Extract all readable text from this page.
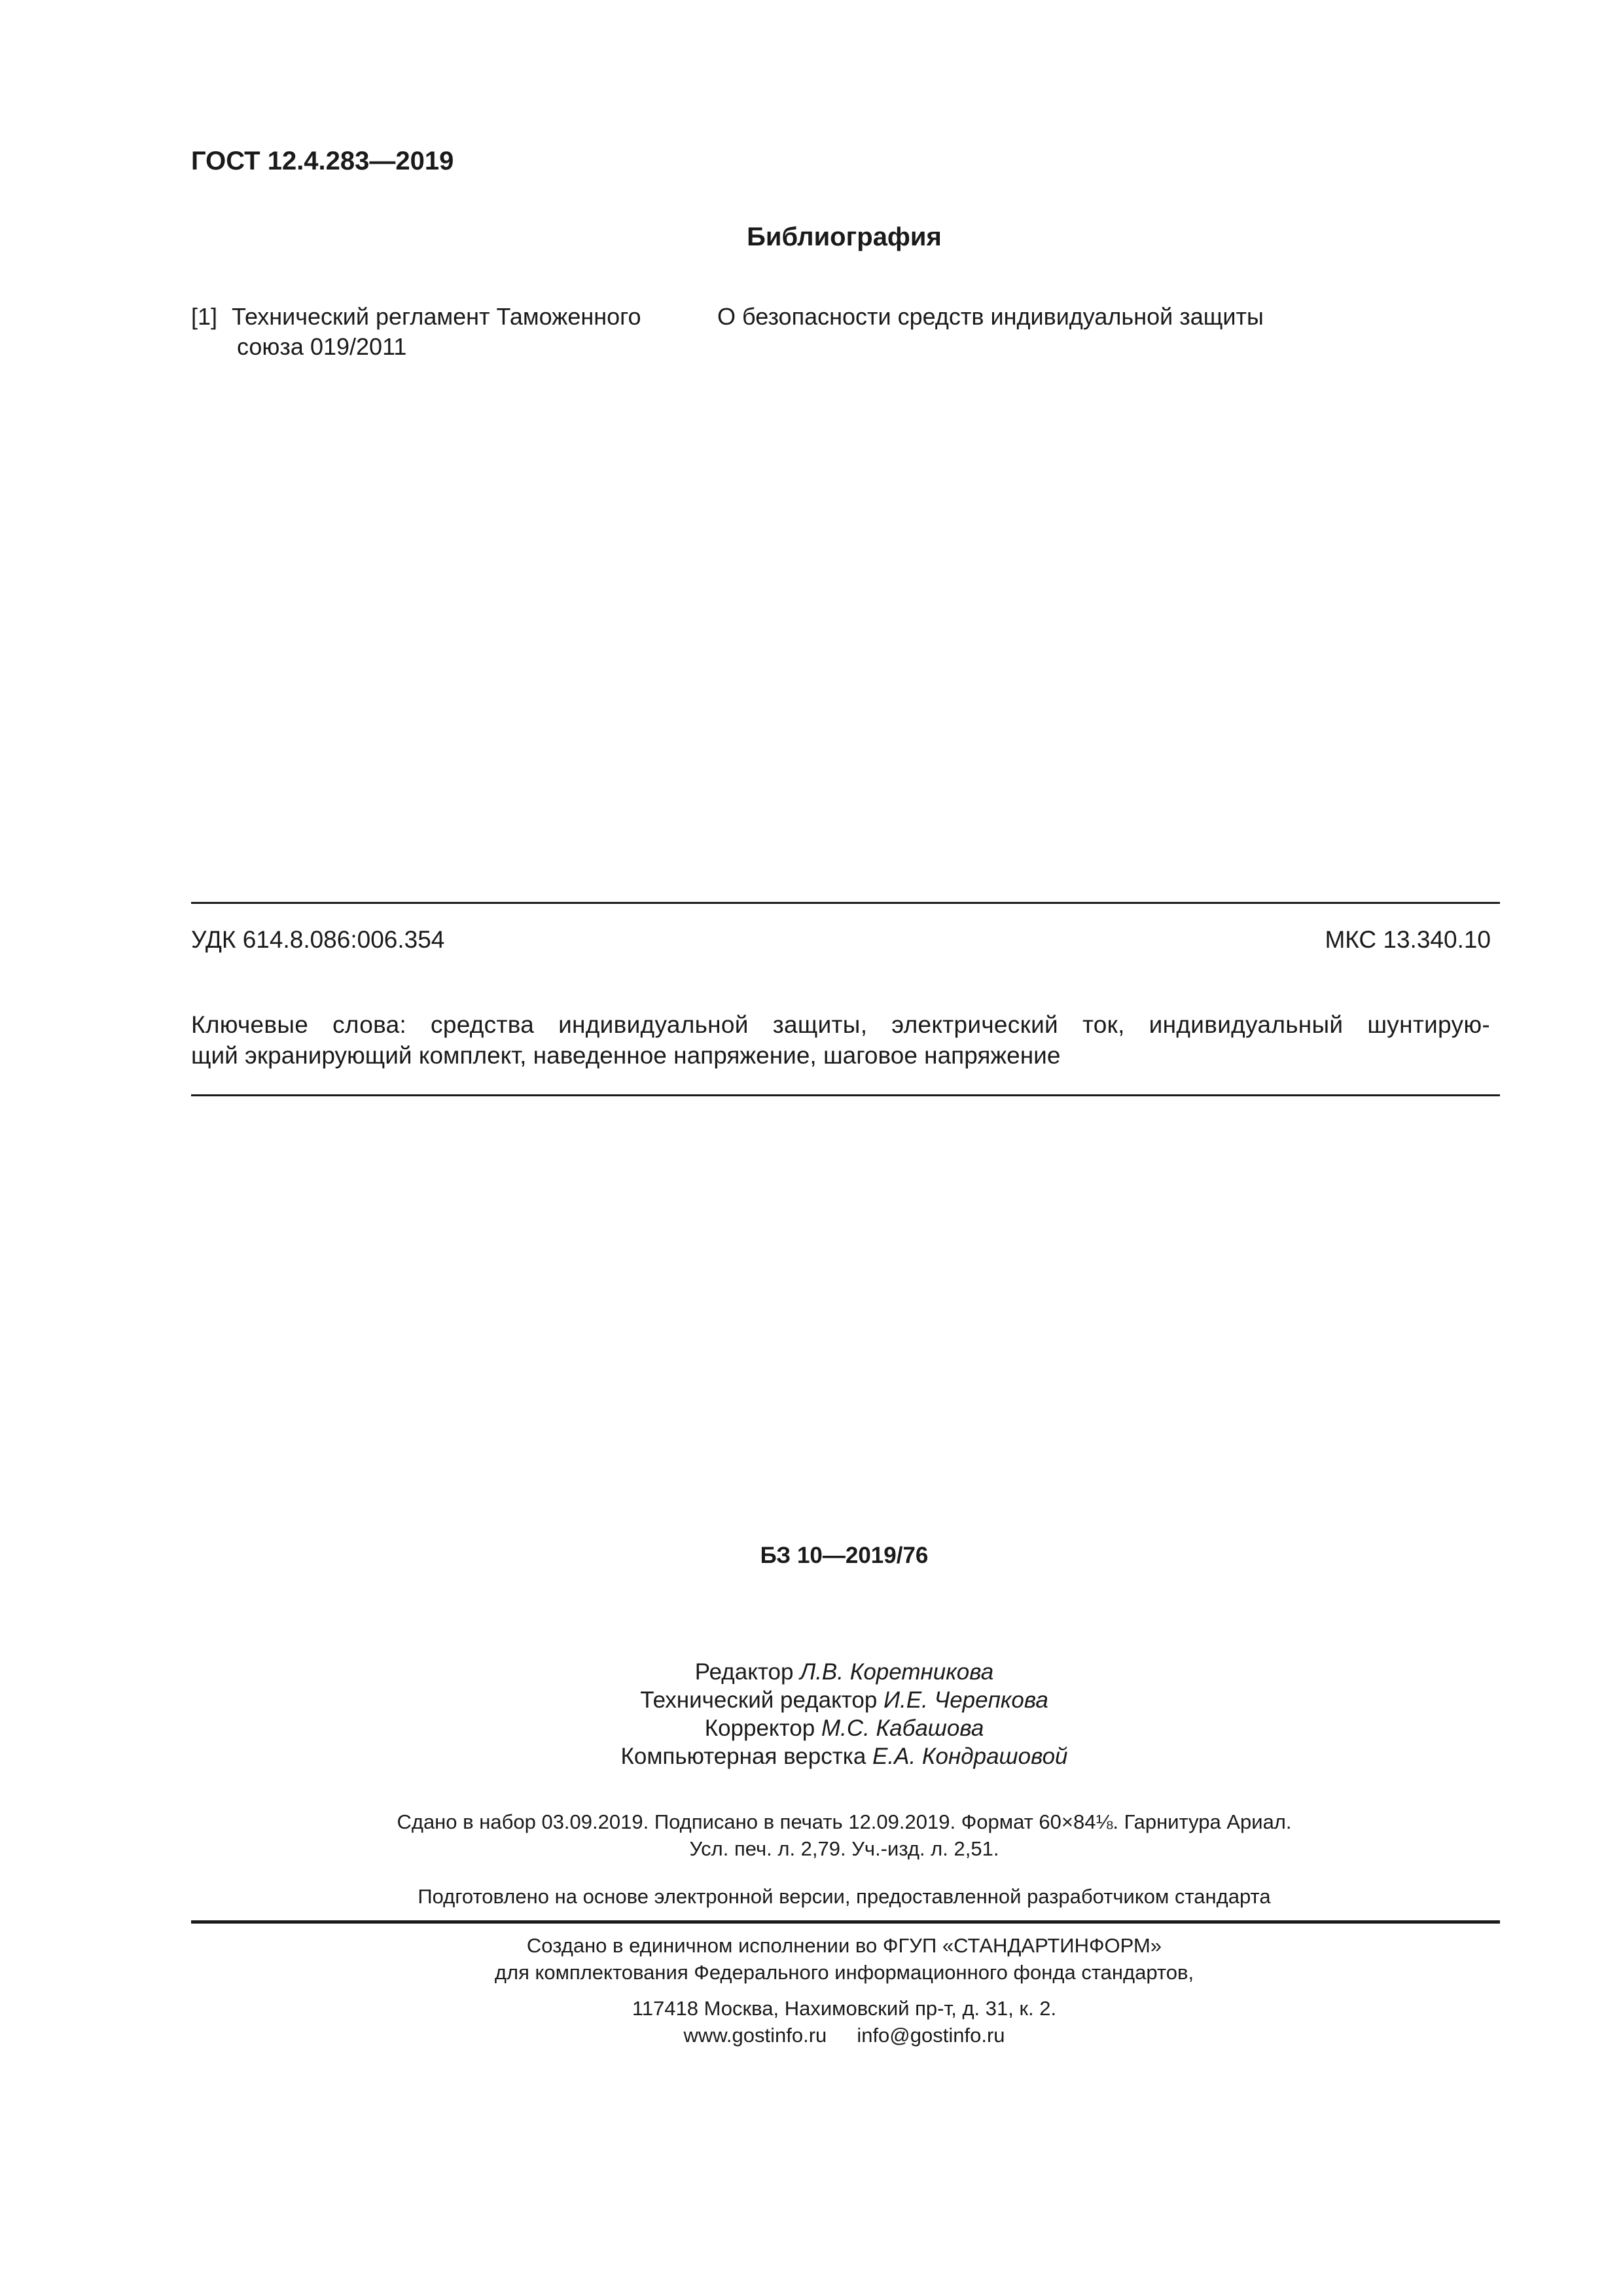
ГОСТ 12.4.283—2019
Библиография
[1] Технический регламент Таможенного
союза 019/2011
О безопасности средств индивидуальной защиты
УДК 614.8.086:006.354	МКС 13.340.10
Ключевые слова: средства индивидуальной защиты, электрический ток, индивидуальный шунтирую-
щий экранирующий комплект, наведенное напряжение, шаговое напряжение
БЗ 10—2019/76
Редактор Л.В. Коретникова
Технический редактор И.Е. Черепкова
Корректор М.С. Кабашова
Компьютерная верстка Е.А. Кондрашовой
Сдано в набор 03.09.2019. Подписано в печать 12.09.2019. Формат 60×84⅛. Гарнитура Ариал.
Усл. печ. л. 2,79. Уч.-изд. л. 2,51.
Подготовлено на основе электронной версии, предоставленной разработчиком стандарта
Создано в единичном исполнении во ФГУП «СТАНДАРТИНФОРМ»
для комплектования Федерального информационного фонда стандартов,
117418 Москва, Нахимовский пр-т, д. 31, к. 2.
www.gostinfo.ru info@gostinfo.ru
